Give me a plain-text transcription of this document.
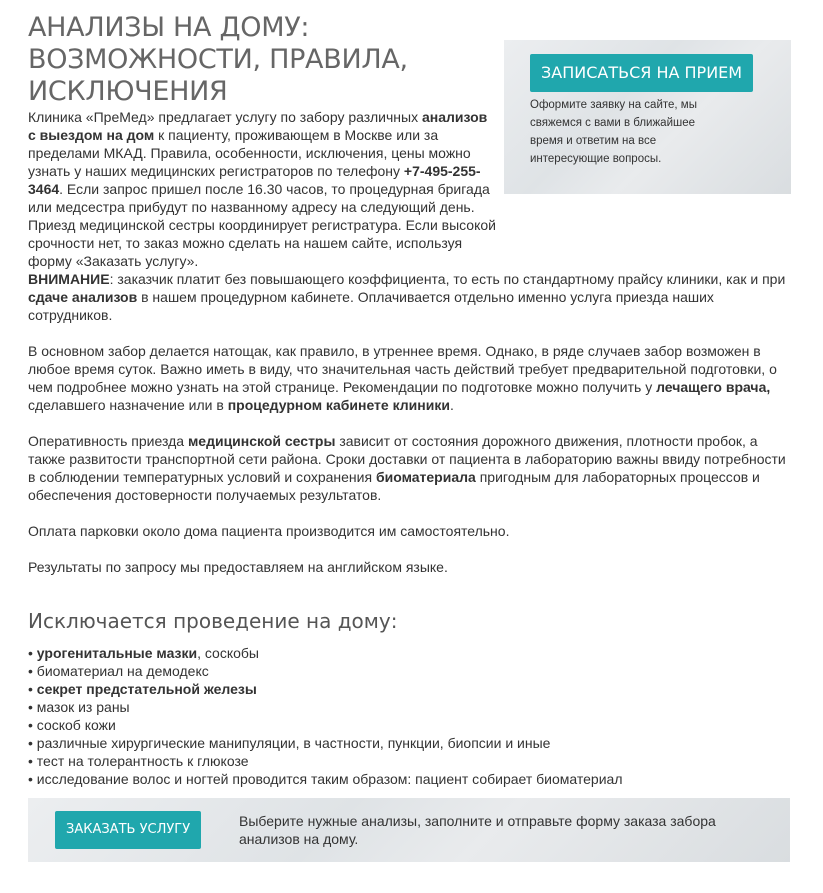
ЗАПИСАТЬСЯ НА ПРИЕМ

Оформите заявку на сайте, мы свяжемся с вами в ближайшее время и ответим на все интересующие вопросы.

АНАЛИЗЫ НА ДОМУ: ВОЗМОЖНОСТИ, ПРАВИЛА, ИСКЛЮЧЕНИЯ

Клиника «ПреМед» предлагает услугу по забору различных анализов с выездом на дом к пациенту, проживающем в Москве или за пределами МКАД. Правила, особенности, исключения, цены можно узнать у наших медицинских регистраторов по телефону +7-495-255-3464. Если запрос пришел после 16.30 часов, то процедурная бригада или медсестра прибудут по названному адресу на следующий день. Приезд медицинской сестры координирует регистратура. Если высокой срочности нет, то заказ можно сделать на нашем сайте, используя форму «Заказать услугу».

ВНИМАНИЕ: заказчик платит без повышающего коэффициента, то есть по стандартному прайсу клиники, как и при сдаче анализов в нашем процедурном кабинете. Оплачивается отдельно именно услуга приезда наших сотрудников.

В основном забор делается натощак, как правило, в утреннее время. Однако, в ряде случаев забор возможен в любое время суток. Важно иметь в виду, что значительная часть действий требует предварительной подготовки, о чем подробнее можно узнать на этой странице. Рекомендации по подготовке можно получить у лечащего врача, сделавшего назначение или в процедурном кабинете клиники.

Оперативность приезда медицинской сестры зависит от состояния дорожного движения, плотности пробок, а также развитости транспортной сети района. Сроки доставки от пациента в лабораторию важны ввиду потребности в соблюдении температурных условий и сохранения биоматериала пригодным для лабораторных процессов и обеспечения достоверности получаемых результатов.

Оплата парковки около дома пациента производится им самостоятельно.

Результаты по запросу мы предоставляем на английском языке.

Исключается проведение на дому:
• урогенитальные мазки, соскобы
• биоматериал на демодекс
• секрет предстательной железы
• мазок из раны
• соскоб кожи
• различные хирургические манипуляции, в частности, пункции, биопсии и иные
• тест на толерантность к глюкозе
• исследование волос и ногтей проводится таким образом: пациент собирает биоматериал
ЗАКАЗАТЬ УСЛУГУ
Выберите нужные анализы, заполните и отправьте форму заказа забора анализов на дому.
